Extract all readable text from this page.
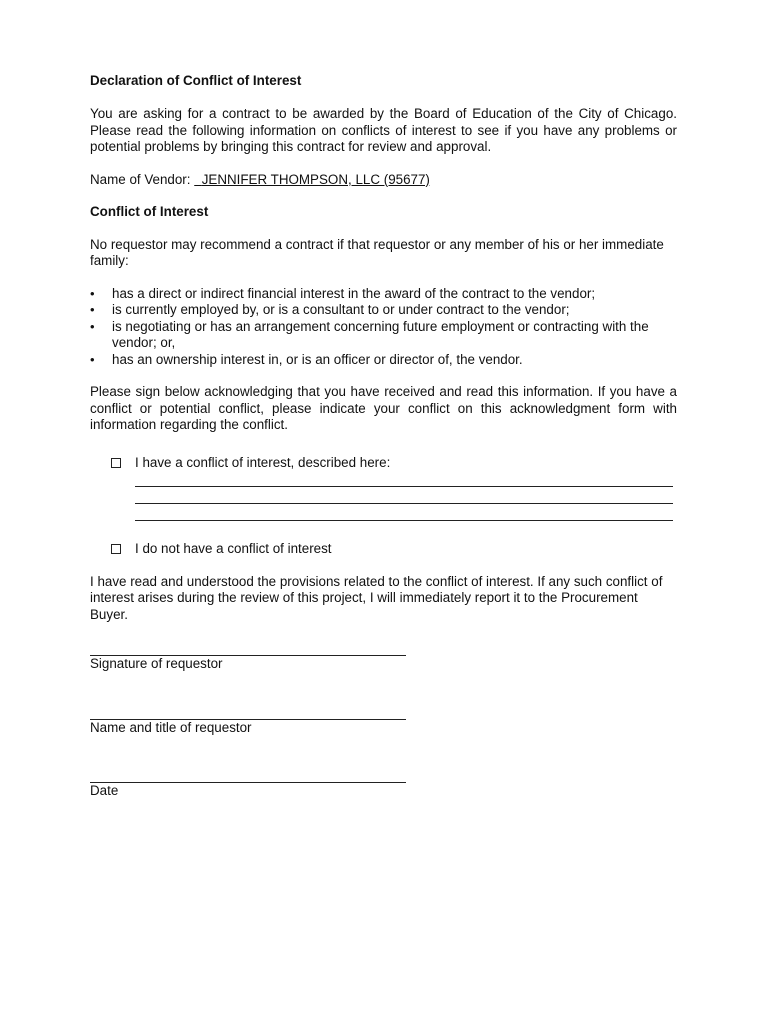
Declaration of Conflict of Interest

You are asking for a contract to be awarded by the Board of Education of the City of Chicago. Please read the following information on conflicts of interest to see if you have any problems or potential problems by bringing this contract for review and approval.

Name of Vendor: JENNIFER THOMPSON, LLC (95677)

Conflict of Interest

No requestor may recommend a contract if that requestor or any member of his or her immediate family:

•	has a direct or indirect financial interest in the award of the contract to the vendor;
•	is currently employed by, or is a consultant to or under contract to the vendor;
•	is negotiating or has an arrangement concerning future employment or contracting with the vendor; or,
•	has an ownership interest in, or is an officer or director of, the vendor.

Please sign below acknowledging that you have received and read this information. If you have a conflict or potential conflict, please indicate your conflict on this acknowledgment form with information regarding the conflict.

I have a conflict of interest, described here:
I do not have a conflict of interest

I have read and understood the provisions related to the conflict of interest. If any such conflict of interest arises during the review of this project, I will immediately report it to the Procurement Buyer.

Signature of requestor
Name and title of requestor
Date
